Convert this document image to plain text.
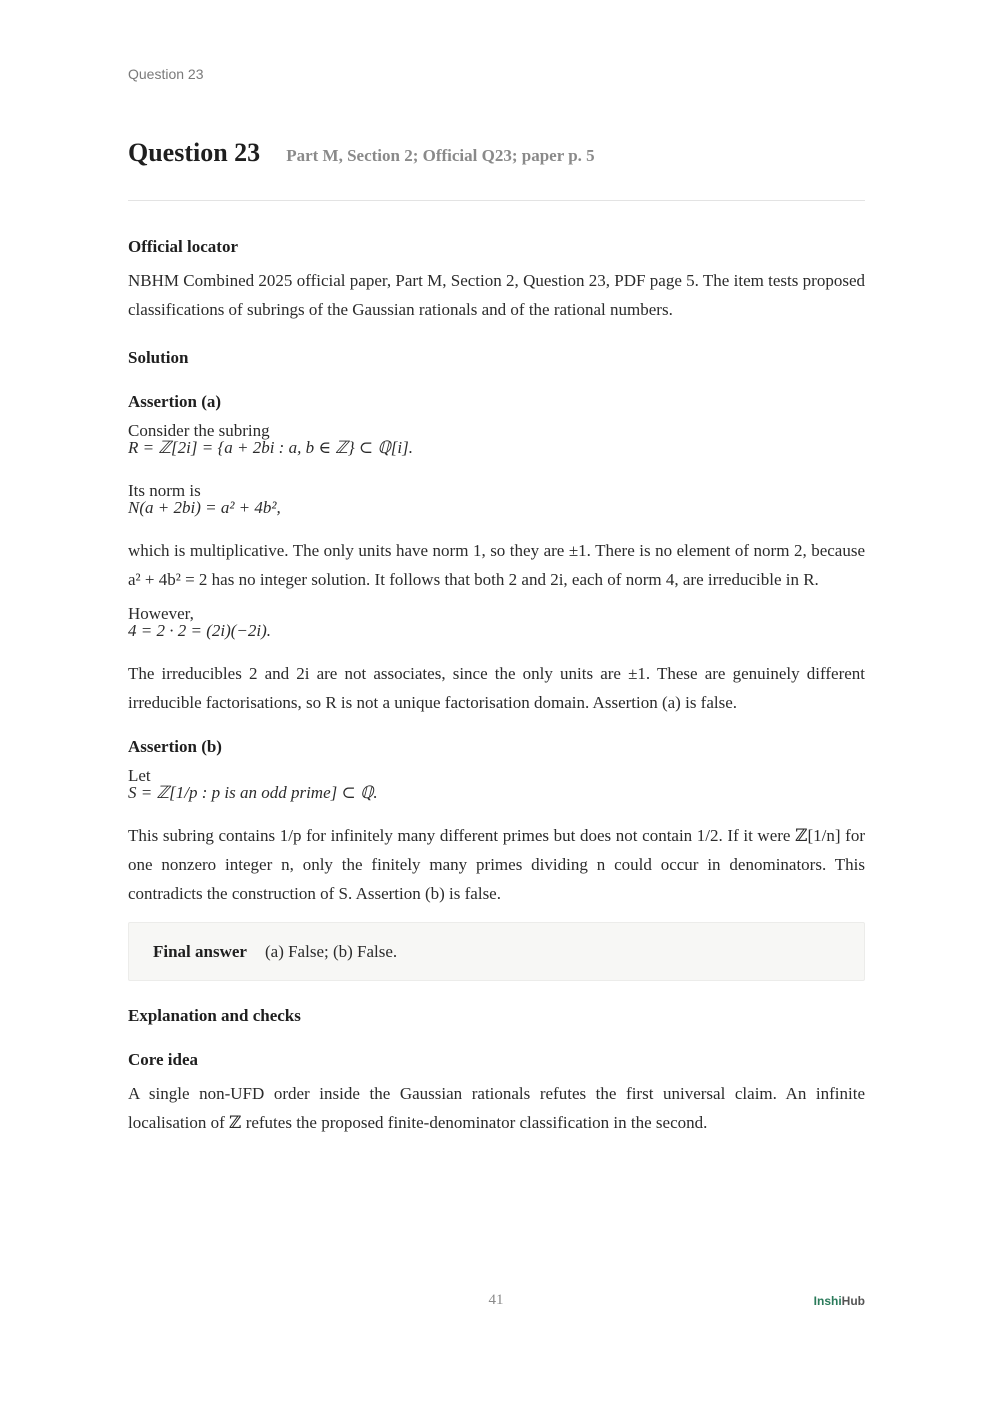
Question 23
Question 23 Part M, Section 2; Official Q23; paper p. 5

Official locator

NBHM Combined 2025 official paper, Part M, Section 2, Question 23, PDF page 5. The item tests proposed classifications of subrings of the Gaussian rationals and of the rational numbers.

Solution

Assertion (a)

Consider the subring

R = ℤ[2i] = {a + 2bi : a, b ∈ ℤ} ⊂ ℚ[i].

Its norm is

N(a + 2bi) = a² + 4b²,

which is multiplicative. The only units have norm 1, so they are ±1. There is no element of norm 2, because a² + 4b² = 2 has no integer solution. It follows that both 2 and 2i, each of norm 4, are irreducible in R.

However,

4 = 2 · 2 = (2i)(−2i).

The irreducibles 2 and 2i are not associates, since the only units are ±1. These are genuinely different irreducible factorisations, so R is not a unique factorisation domain. Assertion (a) is false.

Assertion (b)

Let

S = ℤ[1/p : p is an odd prime] ⊂ ℚ.

This subring contains 1/p for infinitely many different primes but does not contain 1/2. If it were ℤ[1/n] for one nonzero integer n, only the finitely many primes dividing n could occur in denominators. This contradicts the construction of S. Assertion (b) is false.

Final answer (a) False; (b) False.

Explanation and checks

Core idea

A single non-UFD order inside the Gaussian rationals refutes the first universal claim. An infinite localisation of ℤ refutes the proposed finite-denominator classification in the second.

41	InshiHub
